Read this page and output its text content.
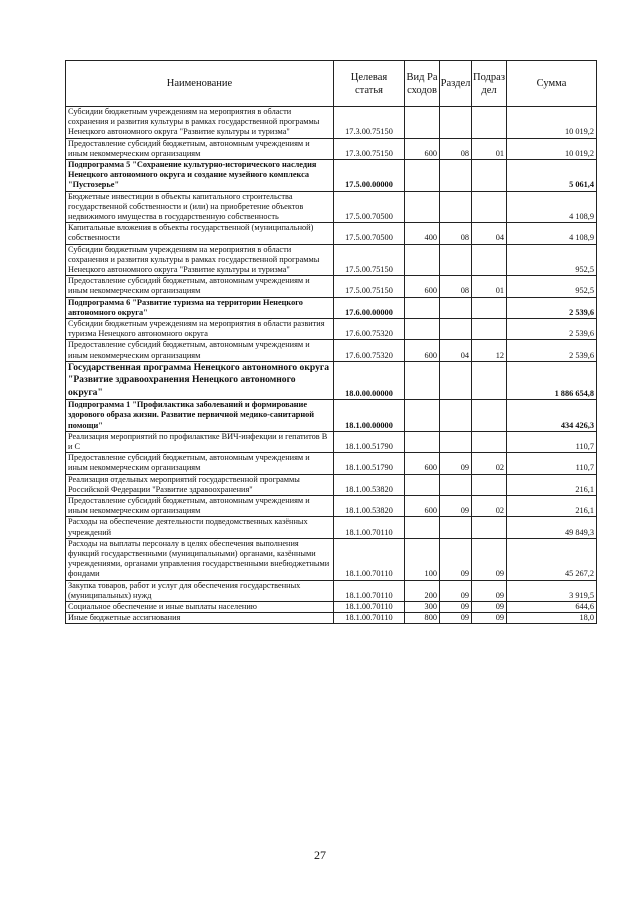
Наименование	Целевая статья	Вид Расходов	Раздел	Подраздел	Сумма
Субсидии бюджетным учреждениям на мероприятия в области сохранения и развития культуры в рамках государственной программы Ненецкого автономного округа "Развитие культуры и туризма"	17.3.00.75150				10 019,2
Предоставление субсидий бюджетным, автономным учреждениям и иным некоммерческим организациям	17.3.00.75150	600	08	01	10 019,2
Подпрограмма 5 "Сохранение культурно-исторического наследия Ненецкого автономного округа и создание музейного комплекса "Пустозерье"	17.5.00.00000				5 061,4
Бюджетные инвестиции в объекты капитального строительства государственной собственности и (или) на приобретение объектов недвижимого имущества в государственную собственность	17.5.00.70500				4 108,9
Капитальные вложения в объекты государственной (муниципальной) собственности	17.5.00.70500	400	08	04	4 108,9
Субсидии бюджетным учреждениям на мероприятия в области сохранения и развития культуры в рамках государственной программы Ненецкого автономного округа "Развитие культуры и туризма"	17.5.00.75150				952,5
Предоставление субсидий бюджетным, автономным учреждениям и иным некоммерческим организациям	17.5.00.75150	600	08	01	952,5
Подпрограмма 6 "Развитие туризма на территории Ненецкого автономного округа"	17.6.00.00000				2 539,6
Субсидии бюджетным учреждениям на мероприятия в области развития туризма Ненецкого автономного округа	17.6.00.75320				2 539,6
Предоставление субсидий бюджетным, автономным учреждениям и иным некоммерческим организациям	17.6.00.75320	600	04	12	2 539,6
Государственная программа Ненецкого автономного округа "Развитие здравоохранения Ненецкого автономного округа"	18.0.00.00000				1 886 654,8
Подпрограмма 1 "Профилактика заболеваний и формирование здорового образа жизни. Развитие первичной медико-санитарной помощи"	18.1.00.00000				434 426,3
Реализация мероприятий по профилактике ВИЧ-инфекции и гепатитов В и С	18.1.00.51790				110,7
Предоставление субсидий бюджетным, автономным учреждениям и иным некоммерческим организациям	18.1.00.51790	600	09	02	110,7
Реализация отдельных мероприятий государственной программы Российской Федерации "Развитие здравоохранения"	18.1.00.53820				216,1
Предоставление субсидий бюджетным, автономным учреждениям и иным некоммерческим организациям	18.1.00.53820	600	09	02	216,1
Расходы на обеспечение деятельности подведомственных казённых учреждений	18.1.00.70110				49 849,3
Расходы на выплаты персоналу в целях обеспечения выполнения функций государственными (муниципальными) органами, казёнными учреждениями, органами управления государственными внебюджетными фондами	18.1.00.70110	100	09	09	45 267,2
Закупка товаров, работ и услуг для обеспечения государственных (муниципальных) нужд	18.1.00.70110	200	09	09	3 919,5
Социальное обеспечение и иные выплаты населению	18.1.00.70110	300	09	09	644,6
Иные бюджетные ассигнования	18.1.00.70110	800	09	09	18,0
27
